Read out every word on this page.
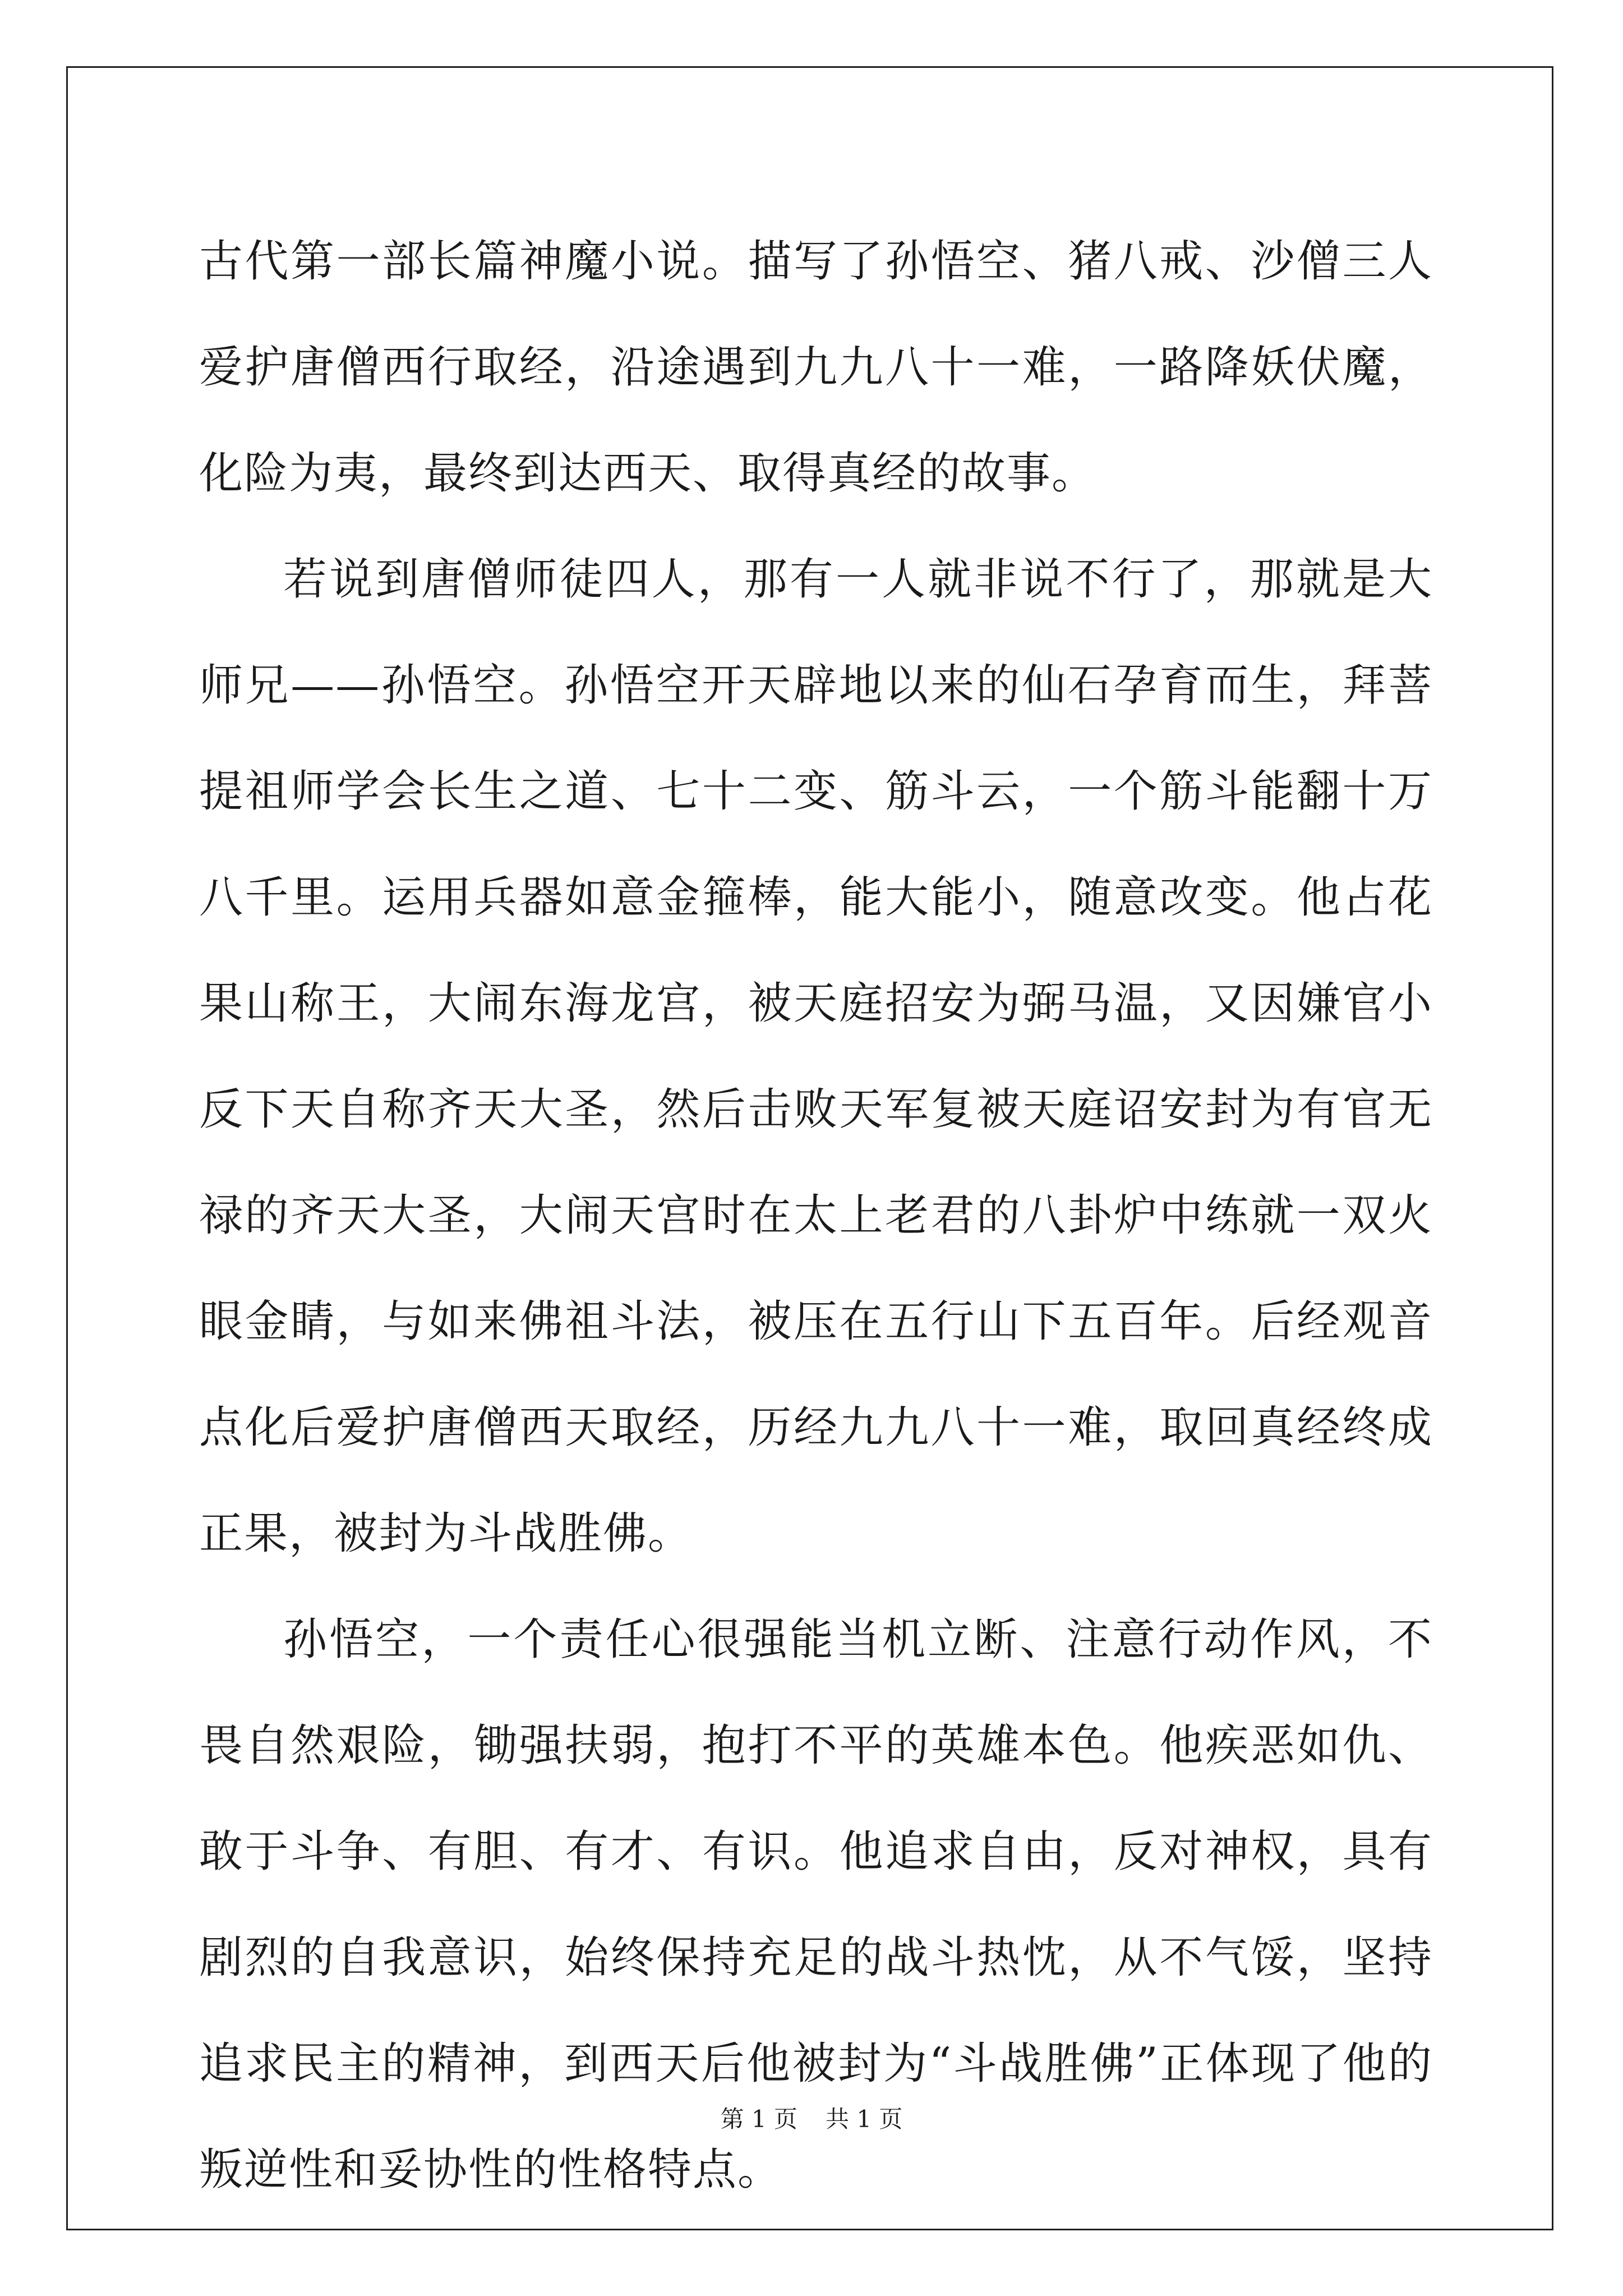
古代第一部长篇神魔小说。描写了孙悟空、猪八戒、沙僧三人爱护唐僧西行取经，沿途遇到九九八十一难，一路降妖伏魔，化险为夷，最终到达西天、取得真经的故事。

若说到唐僧师徒四人，那有一人就非说不行了，那就是大师兄——孙悟空。孙悟空开天辟地以来的仙石孕育而生，拜菩提祖师学会长生之道、七十二变、筋斗云，一个筋斗能翻十万八千里。运用兵器如意金箍棒，能大能小，随意改变。他占花果山称王，大闹东海龙宫，被天庭招安为弼马温，又因嫌官小反下天自称齐天大圣，然后击败天军复被天庭诏安封为有官无禄的齐天大圣，大闹天宫时在太上老君的八卦炉中练就一双火眼金睛，与如来佛祖斗法，被压在五行山下五百年。后经观音点化后爱护唐僧西天取经，历经九九八十一难，取回真经终成正果，被封为斗战胜佛。

孙悟空，一个责任心很强能当机立断、注意行动作风，不畏自然艰险，锄强扶弱，抱打不平的英雄本色。他疾恶如仇、敢于斗争、有胆、有才、有识。他追求自由，反对神权，具有剧烈的自我意识，始终保持充足的战斗热忱，从不气馁，坚持追求民主的精神，到西天后他被封为“斗战胜佛”正体现了他的叛逆性和妥协性的性格特点。

第 1 页 共 1 页
